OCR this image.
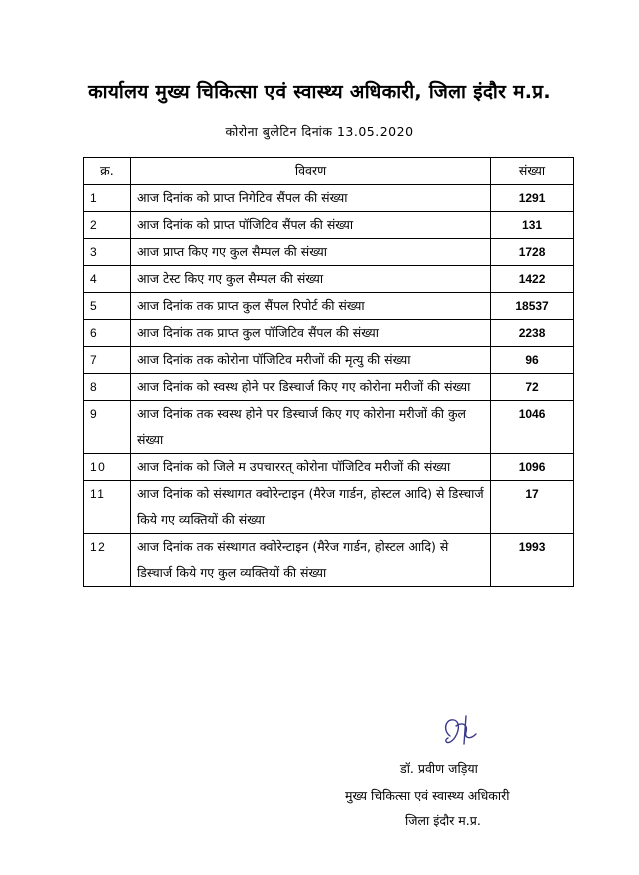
कार्यालय मुख्य चिकित्सा एवं स्वास्थ्य अधिकारी, जिला इंदौर म.प्र.
कोरोना बुलेटिन दिनांक 13.05.2020
क्र.	विवरण	संख्या
1	आज दिनांक को प्राप्त निगेटिव सैंपल की संख्या	1291
2	आज दिनांक को प्राप्त पॉजिटिव सैंपल की संख्या	131
3	आज प्राप्त किए गए कुल सैम्पल की संख्या	1728
4	आज टेस्ट किए गए कुल सैम्पल की संख्या	1422
5	आज दिनांक तक प्राप्त कुल सैंपल रिपोर्ट की संख्या	18537
6	आज दिनांक तक प्राप्त कुल पॉजिटिव सैंपल की संख्या	2238
7	आज दिनांक तक कोरोना पॉजिटिव मरीजों की मृत्यु की संख्या	96
8	आज दिनांक को स्वस्थ होने पर डिस्चार्ज किए गए कोरोना मरीजों की संख्या	72
9	आज दिनांक तक स्वस्थ होने पर डिस्चार्ज किए गए कोरोना मरीजों की कुल संख्या	1046
10	आज दिनांक को जिले म उपचाररत् कोरोना पॉजिटिव मरीजों की संख्या	1096
11	आज दिनांक को संस्थागत क्वोरेन्टाइन (मैरेज गार्डन, होस्टल आदि) से डिस्चार्ज किये गए व्यक्तियों की संख्या	17
12	आज दिनांक तक संस्थागत क्वोरेन्टाइन (मैरेज गार्डन, होस्टल आदि) से डिस्चार्ज किये गए कुल व्यक्तियों की संख्या	1993
डॉ. प्रवीण जड़िया
मुख्य चिकित्सा एवं स्वास्थ्य अधिकारी
जिला इंदौर म.प्र.
